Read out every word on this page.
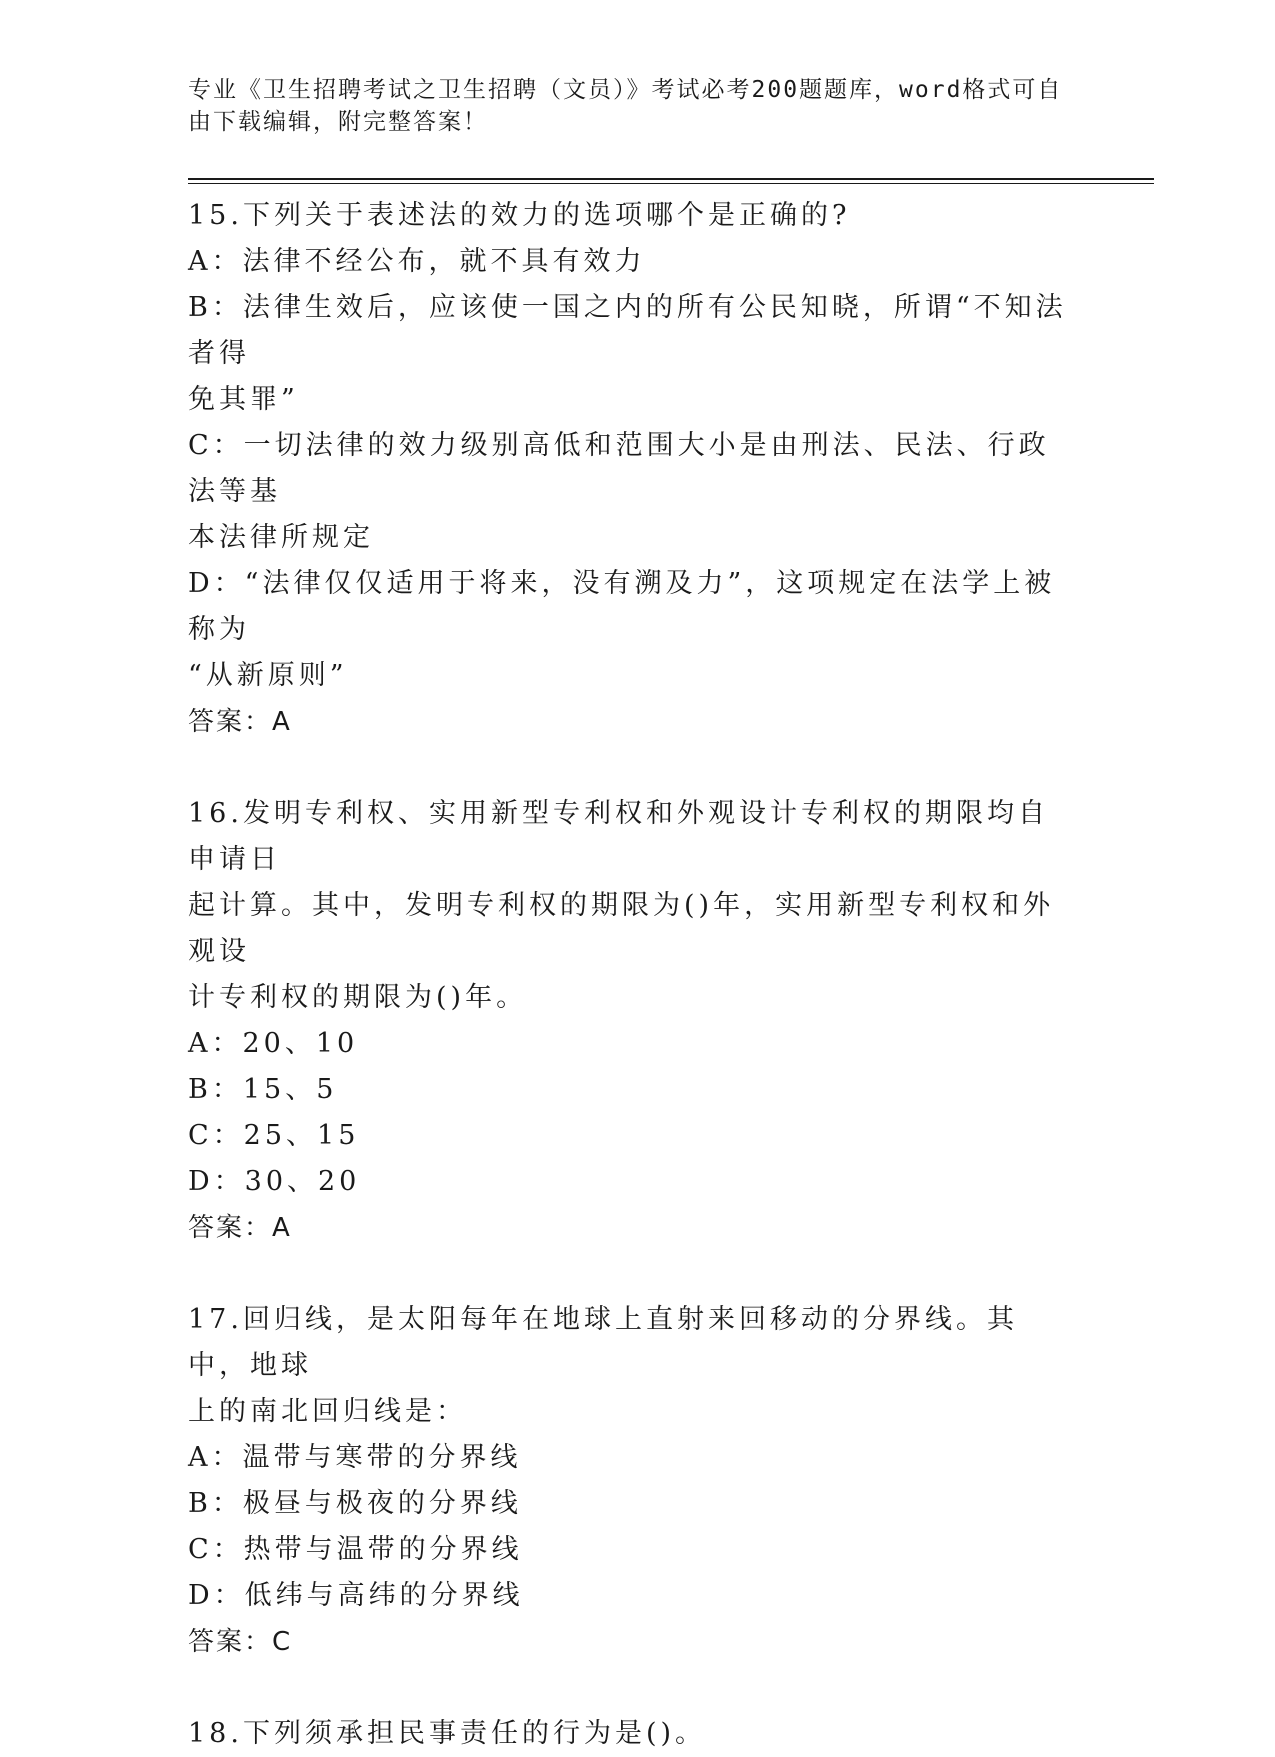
专业《卫生招聘考试之卫生招聘（文员）》考试必考200题题库，word格式可自
由下载编辑，附完整答案！
15.下列关于表述法的效力的选项哪个是正确的?
A：法律不经公布，就不具有效力
B：法律生效后，应该使一国之内的所有公民知晓，所谓“不知法者得
免其罪”
C：一切法律的效力级别高低和范围大小是由刑法、民法、行政法等基
本法律所规定
D：“法律仅仅适用于将来，没有溯及力”，这项规定在法学上被称为
“从新原则”
答案：A
16.发明专利权、实用新型专利权和外观设计专利权的期限均自申请日
起计算。其中，发明专利权的期限为()年，实用新型专利权和外观设
计专利权的期限为()年。
A：20、10
B：15、5
C：25、15
D：30、20
答案：A
17.回归线，是太阳每年在地球上直射来回移动的分界线。其中，地球
上的南北回归线是：
A：温带与寒带的分界线
B：极昼与极夜的分界线
C：热带与温带的分界线
D：低纬与高纬的分界线
答案：C
18.下列须承担民事责任的行为是()。
